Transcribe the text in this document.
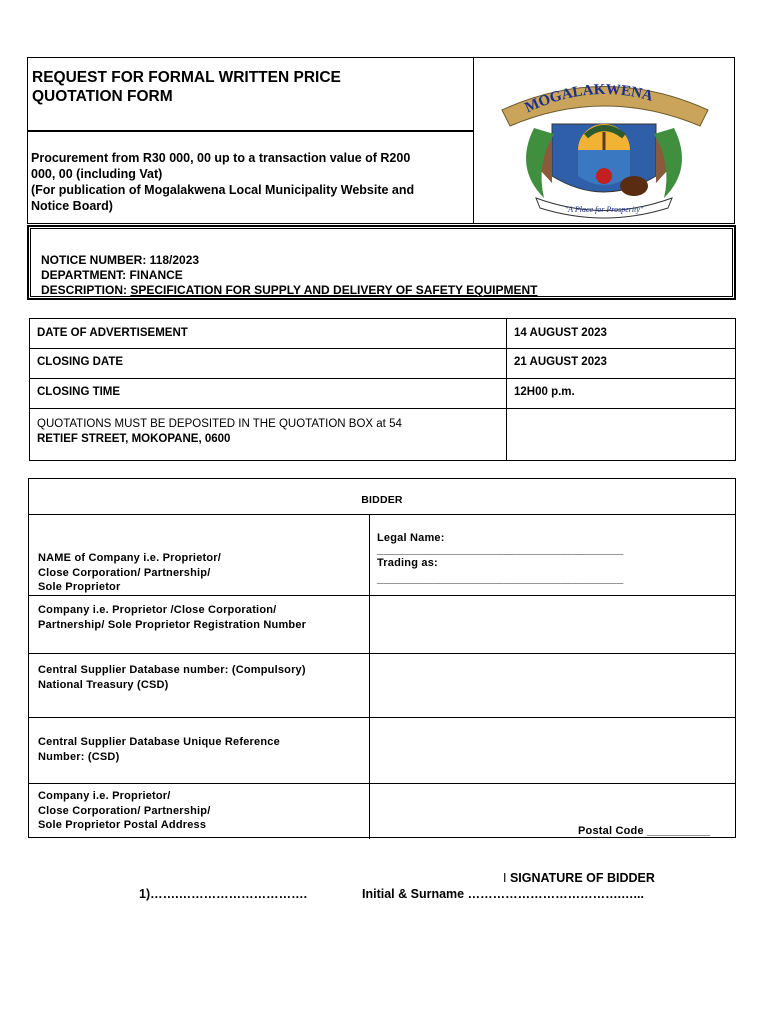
REQUEST FOR FORMAL WRITTEN PRICE
QUOTATION FORM
Procurement from R30 000, 00 up to a transaction value of R200
000, 00 (including Vat)
(For publication of Mogalakwena Local Municipality Website and
Notice Board)
MOGALAKWENA
"A Place for Prosperity"
NOTICE NUMBER: 118/2023
DEPARTMENT: FINANCE
DESCRIPTION: SPECIFICATION FOR SUPPLY AND DELIVERY OF SAFETY EQUIPMENT
DATE OF ADVERTISEMENT	14 AUGUST 2023
CLOSING DATE	21 AUGUST 2023
CLOSING TIME	12H00 p.m.
QUOTATIONS MUST BE DEPOSITED IN THE QUOTATION BOX at 54
RETIEF STREET, MOKOPANE, 0600
BIDDER
NAME of Company i.e. Proprietor/
Close Corporation/ Partnership/
Sole Proprietor
Legal Name:
_______________________________________
Trading as:
_______________________________________
Company i.e. Proprietor /Close Corporation/
Partnership/ Sole Proprietor Registration Number
Central Supplier Database number: (Compulsory)
National Treasury (CSD)
Central Supplier Database Unique Reference
Number: (CSD)
Company i.e. Proprietor/
Close Corporation/ Partnership/
Sole Proprietor Postal Address	Postal Code __________
I SIGNATURE OF BIDDER
1)…….………………………….	Initial & Surname ……………………………….…...
